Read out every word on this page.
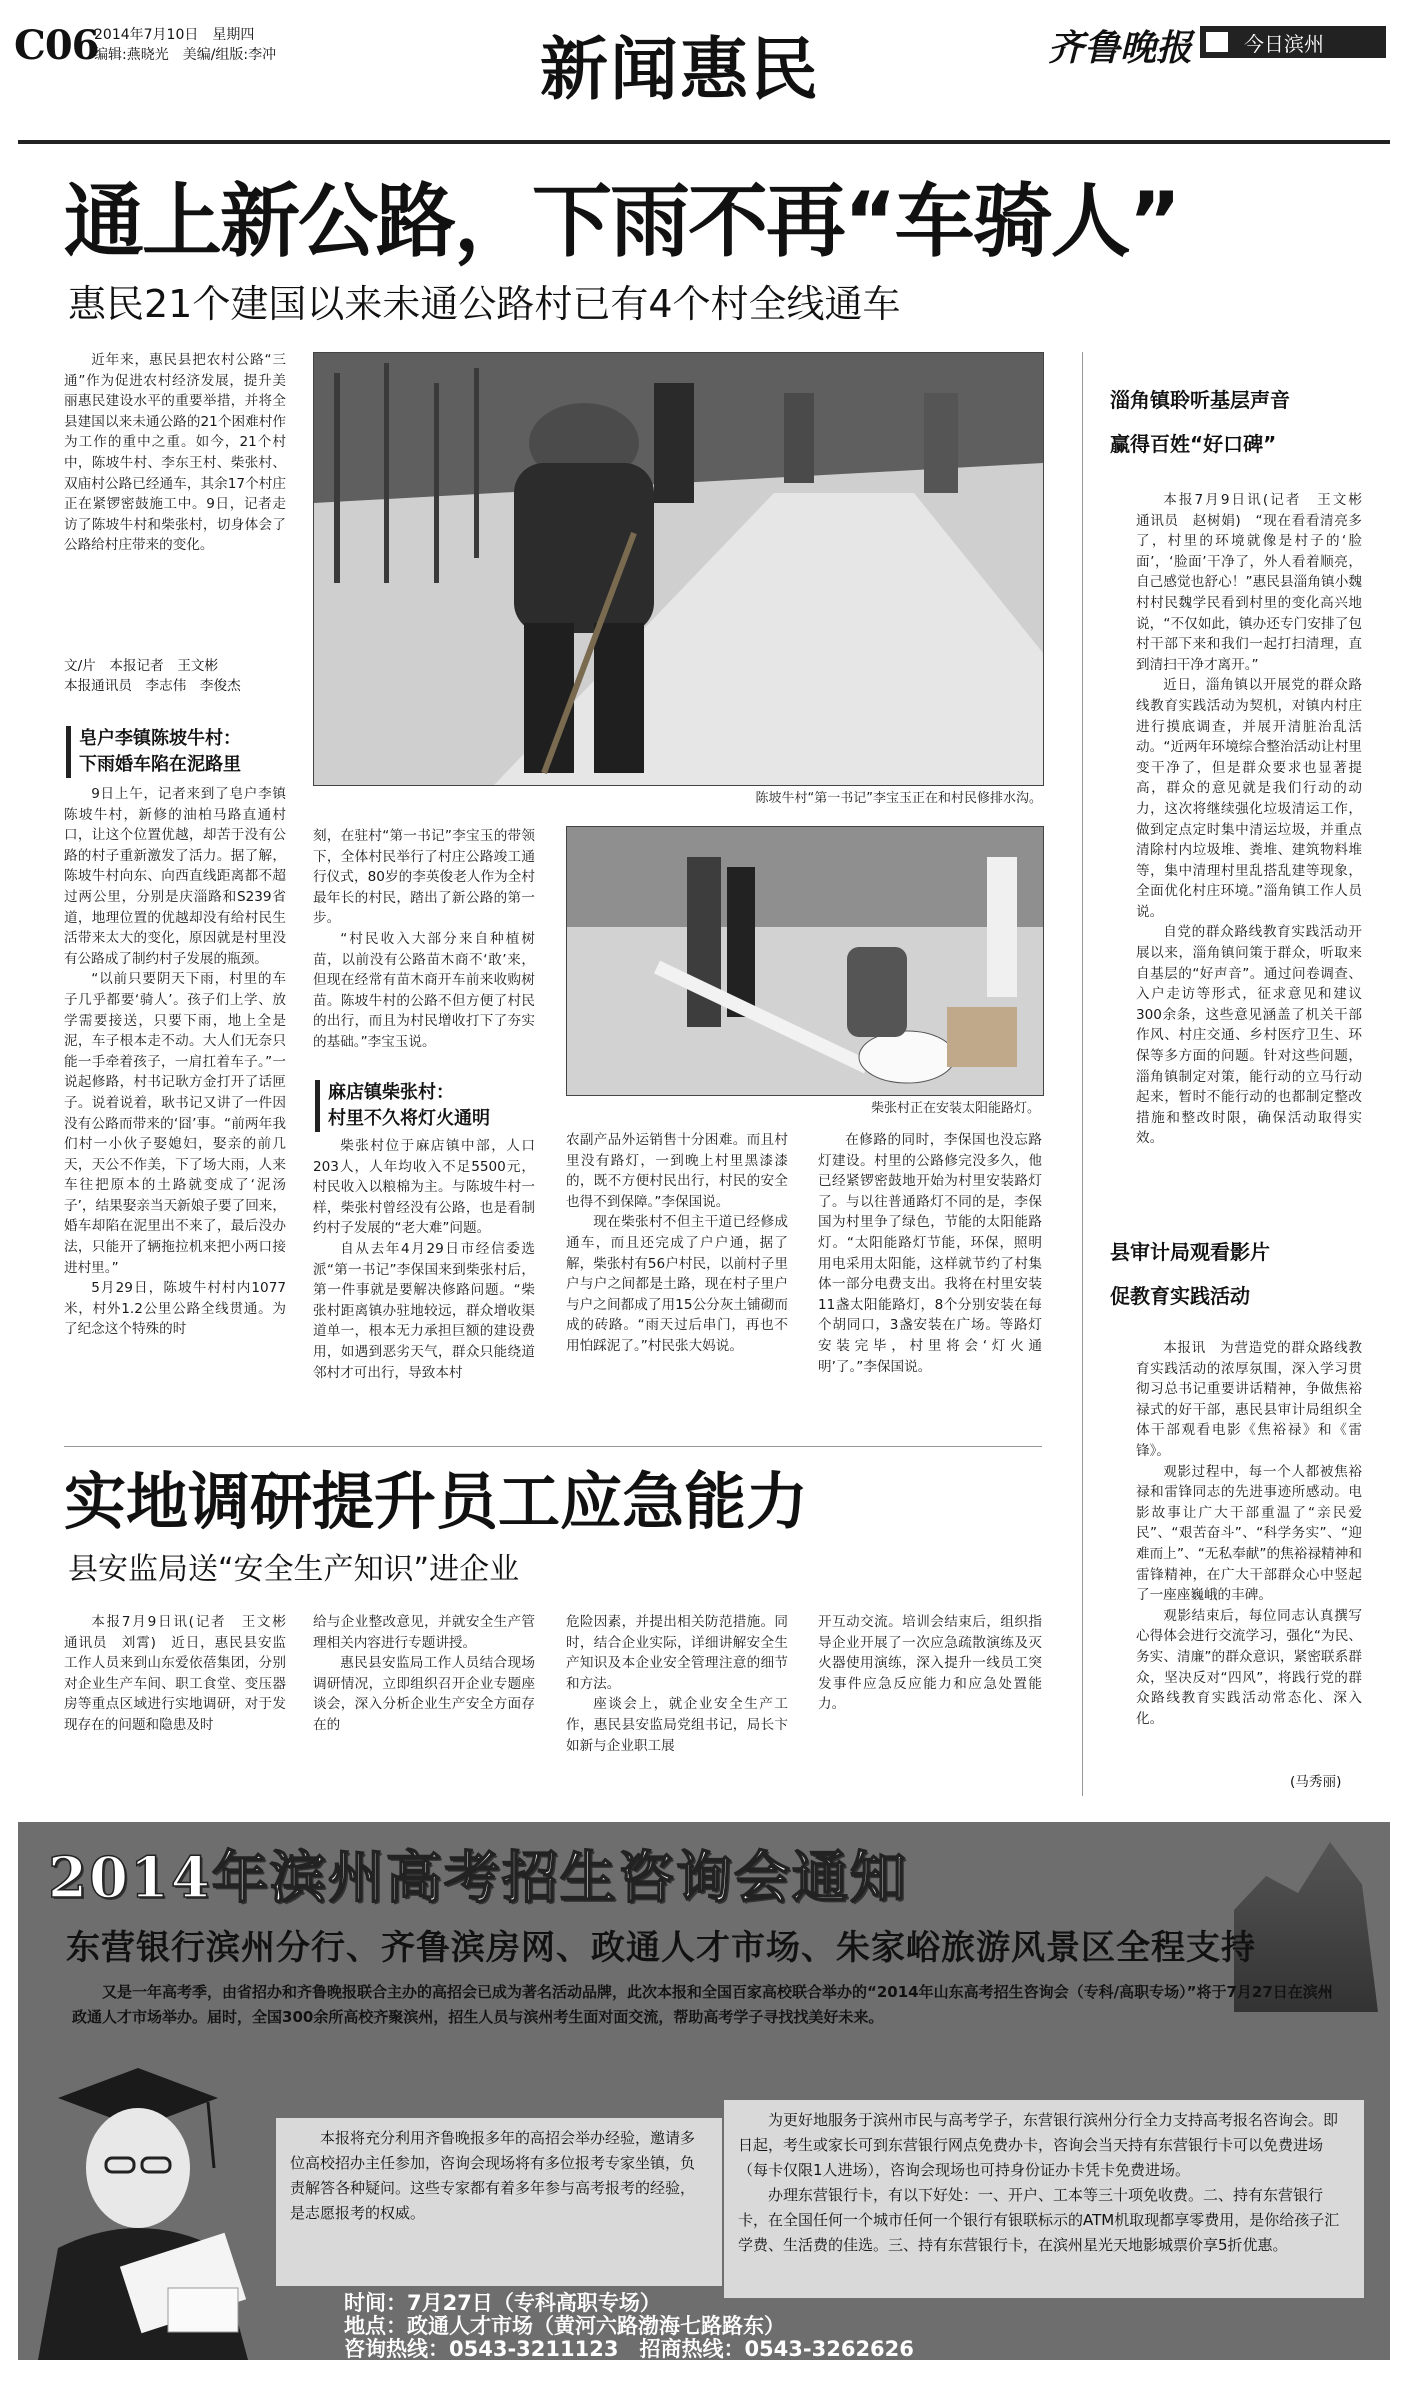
C06
2014年7月10日　星期四
编辑:燕晓光　美编/组版:李冲	新闻惠民	齐鲁晚报	今日滨州
通上新公路，下雨不再“车骑人”
惠民21个建国以来未通公路村已有4个村全线通车

近年来，惠民县把农村公路“三通”作为促进农村经济发展，提升美丽惠民建设水平的重要举措，并将全县建国以来未通公路的21个困难村作为工作的重中之重。如今，21个村中，陈坡牛村、李东王村、柴张村、双庙村公路已经通车，其余17个村庄正在紧锣密鼓施工中。9日，记者走访了陈坡牛村和柴张村，切身体会了公路给村庄带来的变化。

文/片　本报记者　王文彬
本报通讯员　李志伟　李俊杰
皂户李镇陈坡牛村：
下雨婚车陷在泥路里

9日上午，记者来到了皂户李镇陈坡牛村，新修的油柏马路直通村口，让这个位置优越，却苦于没有公路的村子重新激发了活力。据了解，陈坡牛村向东、向西直线距离都不超过两公里，分别是庆淄路和S239省道，地理位置的优越却没有给村民生活带来太大的变化，原因就是村里没有公路成了制约村子发展的瓶颈。

“以前只要阴天下雨，村里的车子几乎都要‘骑人’。孩子们上学、放学需要接送，只要下雨，地上全是泥，车子根本走不动。大人们无奈只能一手牵着孩子，一肩扛着车子。”一说起修路，村书记耿方金打开了话匣子。说着说着，耿书记又讲了一件因没有公路而带来的‘囧’事。“前两年我们村一小伙子娶媳妇，娶亲的前几天，天公不作美，下了场大雨，人来车往把原本的土路就变成了‘泥汤子’，结果娶亲当天新娘子要了回来，婚车却陷在泥里出不来了，最后没办法，只能开了辆拖拉机来把小两口接进村里。”

5月29日，陈坡牛村村内1077米，村外1.2公里公路全线贯通。为了纪念这个特殊的时

陈坡牛村“第一书记”李宝玉正在和村民修排水沟。

刻，在驻村“第一书记”李宝玉的带领下，全体村民举行了村庄公路竣工通行仪式，80岁的李英俊老人作为全村最年长的村民，踏出了新公路的第一步。

“村民收入大部分来自种植树苗，以前没有公路苗木商不‘敢’来，但现在经常有苗木商开车前来收购树苗。陈坡牛村的公路不但方便了村民的出行，而且为村民增收打下了夯实的基础。”李宝玉说。

麻店镇柴张村：
村里不久将灯火通明

柴张村位于麻店镇中部，人口203人，人年均收入不足5500元，村民收入以粮棉为主。与陈坡牛村一样，柴张村曾经没有公路，也是看制约村子发展的“老大难”问题。

自从去年4月29日市经信委选派“第一书记”李保国来到柴张村后，第一件事就是要解决修路问题。“柴张村距离镇办驻地较远，群众增收渠道单一，根本无力承担巨额的建设费用，如遇到恶劣天气，群众只能绕道邻村才可出行，导致本村

柴张村正在安装太阳能路灯。

农副产品外运销售十分困难。而且村里没有路灯，一到晚上村里黑漆漆的，既不方便村民出行，村民的安全也得不到保障。”李保国说。

现在柴张村不但主干道已经修成通车，而且还完成了户户通，据了解，柴张村有56户村民，以前村子里户与户之间都是土路，现在村子里户与户之间都成了用15公分灰土铺砌而成的砖路。“雨天过后串门，再也不用怕踩泥了。”村民张大妈说。

在修路的同时，李保国也没忘路灯建设。村里的公路修完没多久，他已经紧锣密鼓地开始为村里安装路灯了。与以往普通路灯不同的是，李保国为村里争了绿色，节能的太阳能路灯。“太阳能路灯节能，环保，照明用电采用太阳能，这样就节约了村集体一部分电费支出。我将在村里安装11盏太阳能路灯，8个分别安装在每个胡同口，3盏安装在广场。等路灯安装完毕，村里将会‘灯火通明’了。”李保国说。

淄角镇聆听基层声音
赢得百姓“好口碑”

本报7月9日讯(记者　王文彬　通讯员　赵树娟)　“现在看看清亮多了，村里的环境就像是村子的‘脸面’，‘脸面’干净了，外人看着顺亮，自己感觉也舒心！”惠民县淄角镇小魏村村民魏学民看到村里的变化高兴地说，“不仅如此，镇办还专门安排了包村干部下来和我们一起打扫清理，直到清扫干净才离开。”

近日，淄角镇以开展党的群众路线教育实践活动为契机，对镇内村庄进行摸底调查，并展开清脏治乱活动。“近两年环境综合整治活动让村里变干净了，但是群众要求也显著提高，群众的意见就是我们行动的动力，这次将继续强化垃圾清运工作，做到定点定时集中清运垃圾，并重点清除村内垃圾堆、粪堆、建筑物料堆等，集中清理村里乱搭乱建等现象，全面优化村庄环境。”淄角镇工作人员说。

自党的群众路线教育实践活动开展以来，淄角镇问策于群众，听取来自基层的“好声音”。通过问卷调查、入户走访等形式，征求意见和建议300余条，这些意见涵盖了机关干部作风、村庄交通、乡村医疗卫生、环保等多方面的问题。针对这些问题，淄角镇制定对策，能行动的立马行动起来，暂时不能行动的也都制定整改措施和整改时限，确保活动取得实效。

县审计局观看影片
促教育实践活动

本报讯　为营造党的群众路线教育实践活动的浓厚氛围，深入学习贯彻习总书记重要讲话精神，争做焦裕禄式的好干部，惠民县审计局组织全体干部观看电影《焦裕禄》和《雷锋》。

观影过程中，每一个人都被焦裕禄和雷锋同志的先进事迹所感动。电影故事让广大干部重温了“亲民爱民”、“艰苦奋斗”、“科学务实”、“迎难而上”、“无私奉献”的焦裕禄精神和雷锋精神，在广大干部群众心中竖起了一座座巍峨的丰碑。

观影结束后，每位同志认真撰写心得体会进行交流学习，强化“为民、务实、清廉”的群众意识，紧密联系群众，坚决反对“四风”，将践行党的群众路线教育实践活动常态化、深入化。

(马秀丽)
实地调研提升员工应急能力
县安监局送“安全生产知识”进企业

本报7月9日讯(记者　王文彬　通讯员　刘霄)　近日，惠民县安监工作人员来到山东爱依蓓集团，分别对企业生产车间、职工食堂、变压器房等重点区域进行实地调研，对于发现存在的问题和隐患及时

给与企业整改意见，并就安全生产管理相关内容进行专题讲授。

惠民县安监局工作人员结合现场调研情况，立即组织召开企业专题座谈会，深入分析企业生产安全方面存在的

危险因素，并提出相关防范措施。同时，结合企业实际，详细讲解安全生产知识及本企业安全管理注意的细节和方法。

座谈会上，就企业安全生产工作，惠民县安监局党组书记，局长卞如新与企业职工展

开互动交流。培训会结束后，组织指导企业开展了一次应急疏散演练及灭火器使用演练，深入提升一线员工突发事件应急反应能力和应急处置能力。

2014年滨州高考招生咨询会通知
东营银行滨州分行、齐鲁滨房网、政通人才市场、朱家峪旅游风景区全程支持

又是一年高考季，由省招办和齐鲁晚报联合主办的高招会已成为著名活动品牌，此次本报和全国百家高校联合举办的“2014年山东高考招生咨询会（专科/高职专场）”将于7月27日在滨州政通人才市场举办。届时，全国300余所高校齐聚滨州，招生人员与滨州考生面对面交流，帮助高考学子寻找找美好未来。

本报将充分利用齐鲁晚报多年的高招会举办经验，邀请多位高校招办主任参加，咨询会现场将有多位报考专家坐镇，负责解答各种疑问。这些专家都有着多年参与高考报考的经验，是志愿报考的权威。

为更好地服务于滨州市民与高考学子，东营银行滨州分行全力支持高考报名咨询会。即日起，考生或家长可到东营银行网点免费办卡，咨询会当天持有东营银行卡可以免费进场（每卡仅限1人进场），咨询会现场也可持身份证办卡凭卡免费进场。

办理东营银行卡，有以下好处：一、开户、工本等三十项免收费。二、持有东营银行卡，在全国任何一个城市任何一个银行有银联标示的ATM机取现都享零费用，是你给孩子汇学费、生活费的佳选。三、持有东营银行卡，在滨州星光天地影城票价享5折优惠。

时间：7月27日（专科高职专场）
地点：政通人才市场（黄河六路渤海七路路东）
咨询热线：0543-3211123　招商热线：0543-3262626
